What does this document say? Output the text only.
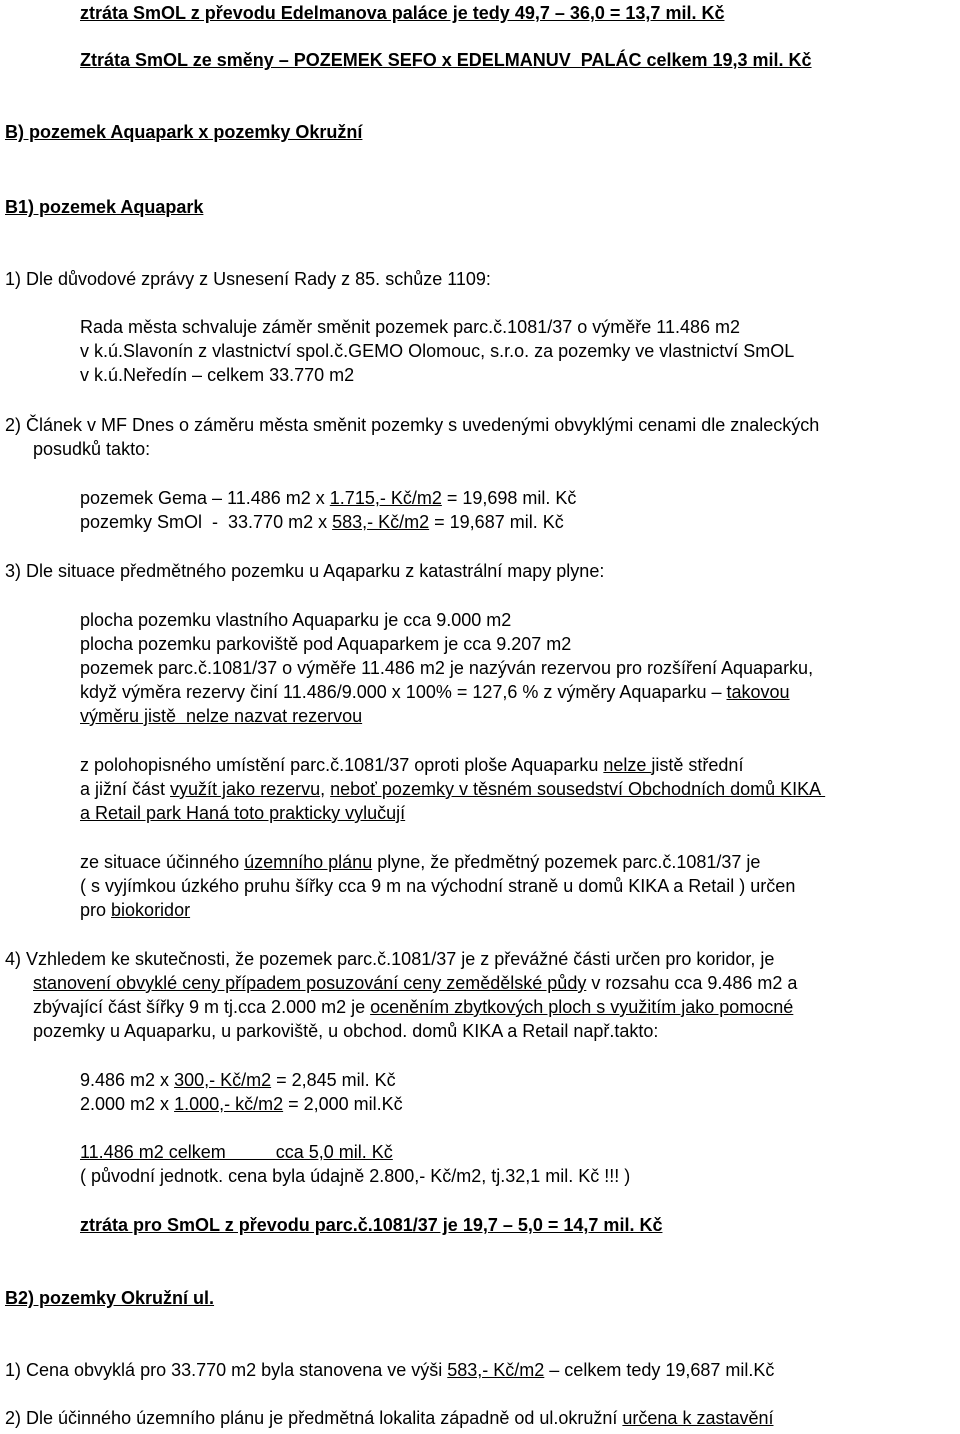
ztráta SmOL z převodu Edelmanova paláce je tedy 49,7 – 36,0 = 13,7 mil. Kč

Ztráta SmOL ze směny – POZEMEK SEFO x EDELMANUV  PALÁC celkem 19,3 mil. Kč

B) pozemek Aquapark x pozemky Okružní

B1) pozemek Aquapark

1) Dle důvodové zprávy z Usnesení Rady z 85. schůze 1109:

Rada města schvaluje záměr směnit pozemek parc.č.1081/37 o výměře 11.486 m2

v k.ú.Slavonín z vlastnictví spol.č.GEMO Olomouc, s.r.o. za pozemky ve vlastnictví SmOL

v k.ú.Neředín – celkem 33.770 m2

2) Článek v MF Dnes o záměru města směnit pozemky s uvedenými obvyklými cenami dle znaleckých

posudků takto:

pozemek Gema – 11.486 m2 x 1.715,- Kč/m2 = 19,698 mil. Kč

pozemky SmOl  -  33.770 m2 x 583,- Kč/m2 = 19,687 mil. Kč

3) Dle situace předmětného pozemku u Aqaparku z katastrální mapy plyne:

plocha pozemku vlastního Aquaparku je cca 9.000 m2

plocha pozemku parkoviště pod Aquaparkem je cca 9.207 m2

pozemek parc.č.1081/37 o výměře 11.486 m2 je nazýván rezervou pro rozšíření Aquaparku,

když výměra rezervy činí 11.486/9.000 x 100% = 127,6 % z výměry Aquaparku – takovou

výměru jistě  nelze nazvat rezervou

z polohopisného umístění parc.č.1081/37 oproti ploše Aquaparku nelze jistě střední

a jižní část využít jako rezervu, neboť pozemky v těsném sousedství Obchodních domů KIKA

a Retail park Haná toto prakticky vylučují

ze situace účinného územního plánu plyne, že předmětný pozemek parc.č.1081/37 je

( s vyjímkou úzkého pruhu šířky cca 9 m na východní straně u domů KIKA a Retail ) určen

pro biokoridor

4) Vzhledem ke skutečnosti, že pozemek parc.č.1081/37 je z převážné části určen pro koridor, je

stanovení obvyklé ceny případem posuzování ceny zemědělské půdy v rozsahu cca 9.486 m2 a

zbývající část šířky 9 m tj.cca 2.000 m2 je oceněním zbytkových ploch s využitím jako pomocné

pozemky u Aquaparku, u parkoviště, u obchod. domů KIKA a Retail např.takto:

9.486 m2 x 300,- Kč/m2 = 2,845 mil. Kč

2.000 m2 x 1.000,- kč/m2 = 2,000 mil.Kč

11.486 m2 celkem          cca 5,0 mil. Kč

( původní jednotk. cena byla údajně 2.800,- Kč/m2, tj.32,1 mil. Kč !!! )

ztráta pro SmOL z převodu parc.č.1081/37 je 19,7 – 5,0 = 14,7 mil. Kč

B2) pozemky Okružní ul.

1) Cena obvyklá pro 33.770 m2 byla stanovena ve výši 583,- Kč/m2 – celkem tedy 19,687 mil.Kč

2) Dle účinného územního plánu je předmětná lokalita západně od ul.okružní určena k zastavění
